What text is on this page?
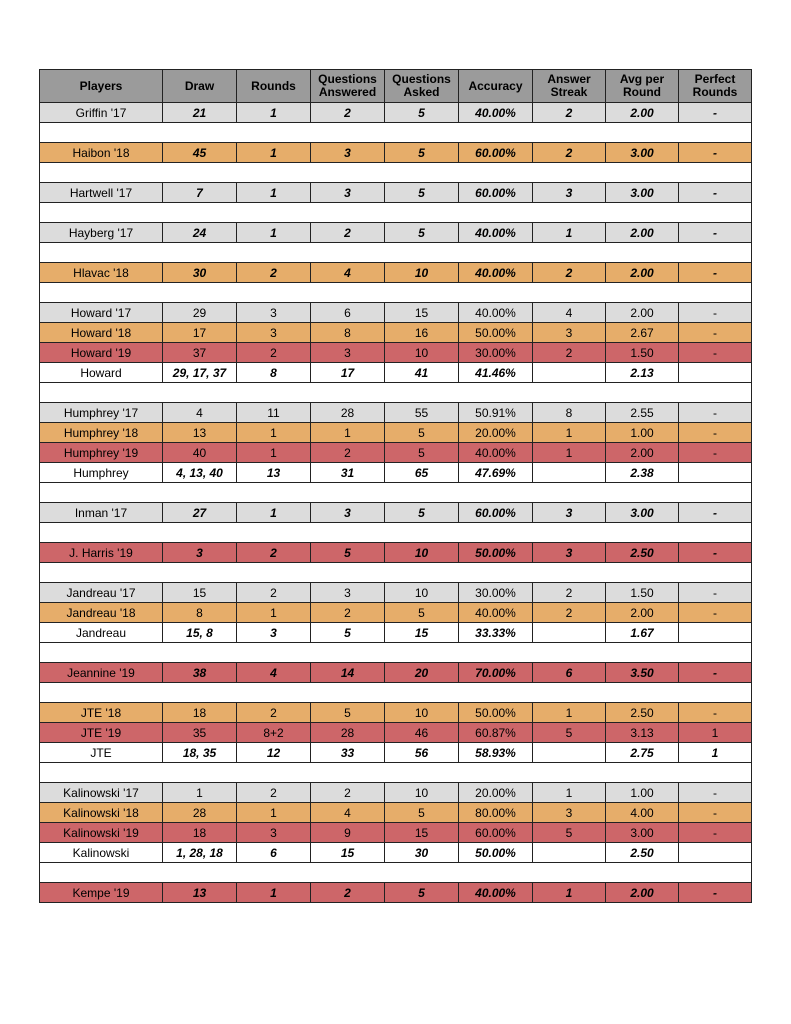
Players	Draw	Rounds	Questions Answered	Questions Asked	Accuracy	Answer Streak	Avg per Round	Perfect Rounds
Griffin '17	21	1	2	5	40.00%	2	2.00	-

Haibon '18	45	1	3	5	60.00%	2	3.00	-

Hartwell '17	7	1	3	5	60.00%	3	3.00	-

Hayberg '17	24	1	2	5	40.00%	1	2.00	-

Hlavac '18	30	2	4	10	40.00%	2	2.00	-

Howard '17	29	3	6	15	40.00%	4	2.00	-
Howard '18	17	3	8	16	50.00%	3	2.67	-
Howard '19	37	2	3	10	30.00%	2	1.50	-
Howard	29, 17, 37	8	17	41	41.46%		2.13	

Humphrey '17	4	11	28	55	50.91%	8	2.55	-
Humphrey '18	13	1	1	5	20.00%	1	1.00	-
Humphrey '19	40	1	2	5	40.00%	1	2.00	-
Humphrey	4, 13, 40	13	31	65	47.69%		2.38	

Inman '17	27	1	3	5	60.00%	3	3.00	-

J. Harris '19	3	2	5	10	50.00%	3	2.50	-

Jandreau '17	15	2	3	10	30.00%	2	1.50	-
Jandreau '18	8	1	2	5	40.00%	2	2.00	-
Jandreau	15, 8	3	5	15	33.33%		1.67	

Jeannine '19	38	4	14	20	70.00%	6	3.50	-

JTE '18	18	2	5	10	50.00%	1	2.50	-
JTE '19	35	8+2	28	46	60.87%	5	3.13	1
JTE	18, 35	12	33	56	58.93%		2.75	1

Kalinowski '17	1	2	2	10	20.00%	1	1.00	-
Kalinowski '18	28	1	4	5	80.00%	3	4.00	-
Kalinowski '19	18	3	9	15	60.00%	5	3.00	-
Kalinowski	1, 28, 18	6	15	30	50.00%		2.50	

Kempe '19	13	1	2	5	40.00%	1	2.00	-
